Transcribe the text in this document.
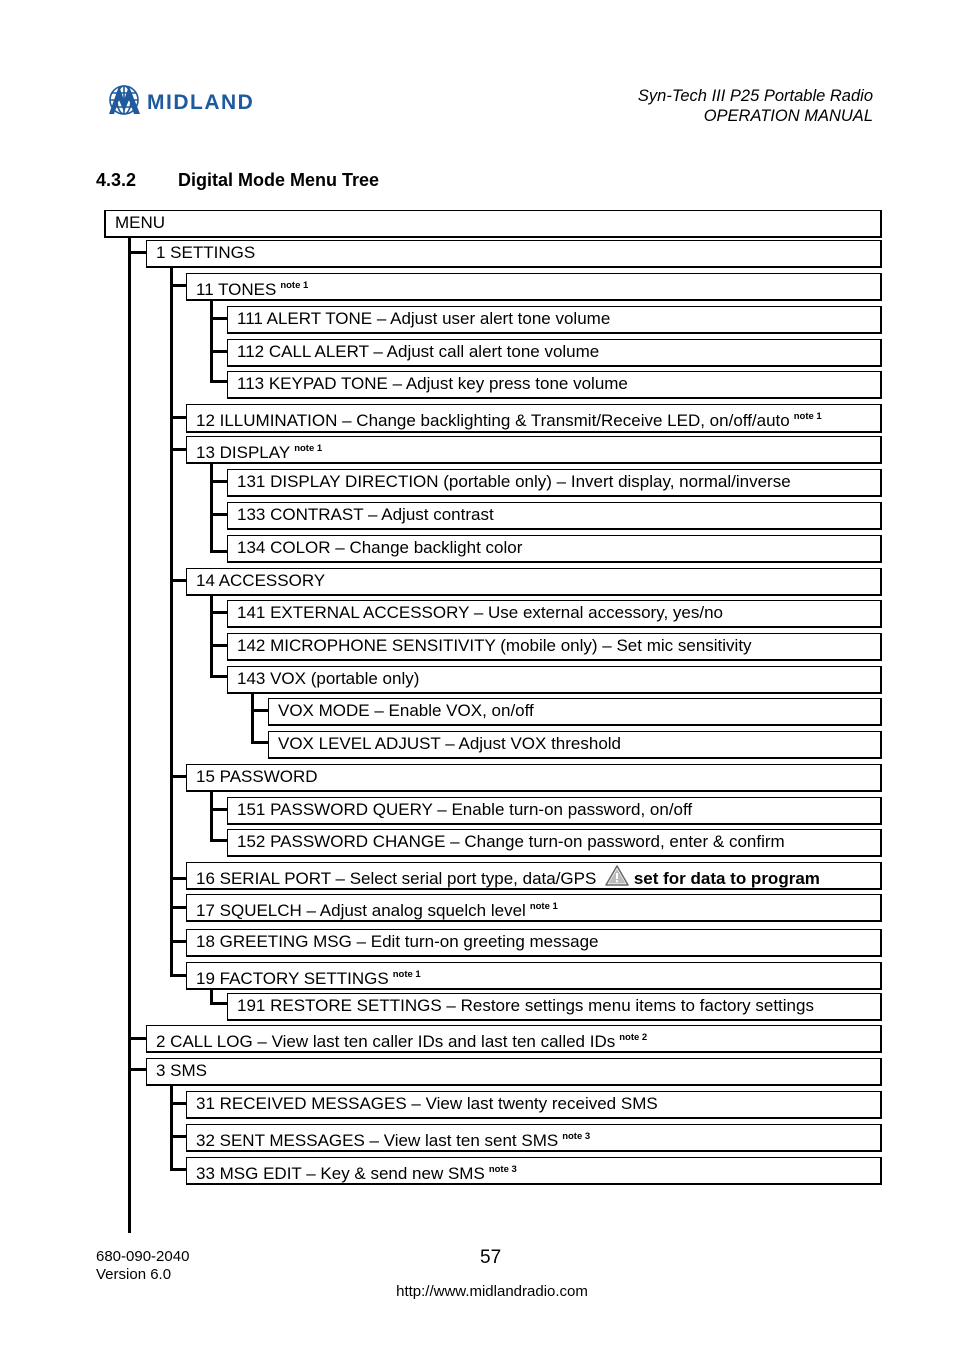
MIDLAND	Syn-Tech III P25 Portable Radio
OPERATION MANUAL
4.3.2 Digital Mode Menu Tree
MENU
1 SETTINGS
11 TONES $^{note 1}$
111 ALERT TONE – Adjust user alert tone volume
112 CALL ALERT – Adjust call alert tone volume
113 KEYPAD TONE – Adjust key press tone volume
12 ILLUMINATION – Change backlighting & Transmit/Receive LED, on/off/auto $^{note 1}$
13 DISPLAY $^{note 1}$
131 DISPLAY DIRECTION (portable only) – Invert display, normal/inverse
133 CONTRAST – Adjust contrast
134 COLOR – Change backlight color
14 ACCESSORY
141 EXTERNAL ACCESSORY – Use external accessory, yes/no
142 MICROPHONE SENSITIVITY (mobile only) – Set mic sensitivity
143 VOX (portable only)
VOX MODE – Enable VOX, on/off
VOX LEVEL ADJUST – Adjust VOX threshold
15 PASSWORD
151 PASSWORD QUERY – Enable turn-on password, on/off
152 PASSWORD CHANGE – Change turn-on password, enter & confirm
16 SERIAL PORT – Select serial port type, data/GPS set for data to program
17 SQUELCH – Adjust analog squelch level $^{note 1}$
18 GREETING MSG – Edit turn-on greeting message
19 FACTORY SETTINGS $^{note 1}$
191 RESTORE SETTINGS – Restore settings menu items to factory settings
2 CALL LOG – View last ten caller IDs and last ten called IDs $^{note 2}$
3 SMS
31 RECEIVED MESSAGES – View last twenty received SMS
32 SENT MESSAGES – View last ten sent SMS $^{note 3}$
33 MSG EDIT – Key & send new SMS $^{note 3}$
680-090-2040
Version 6.0
57
http://www.midlandradio.com
